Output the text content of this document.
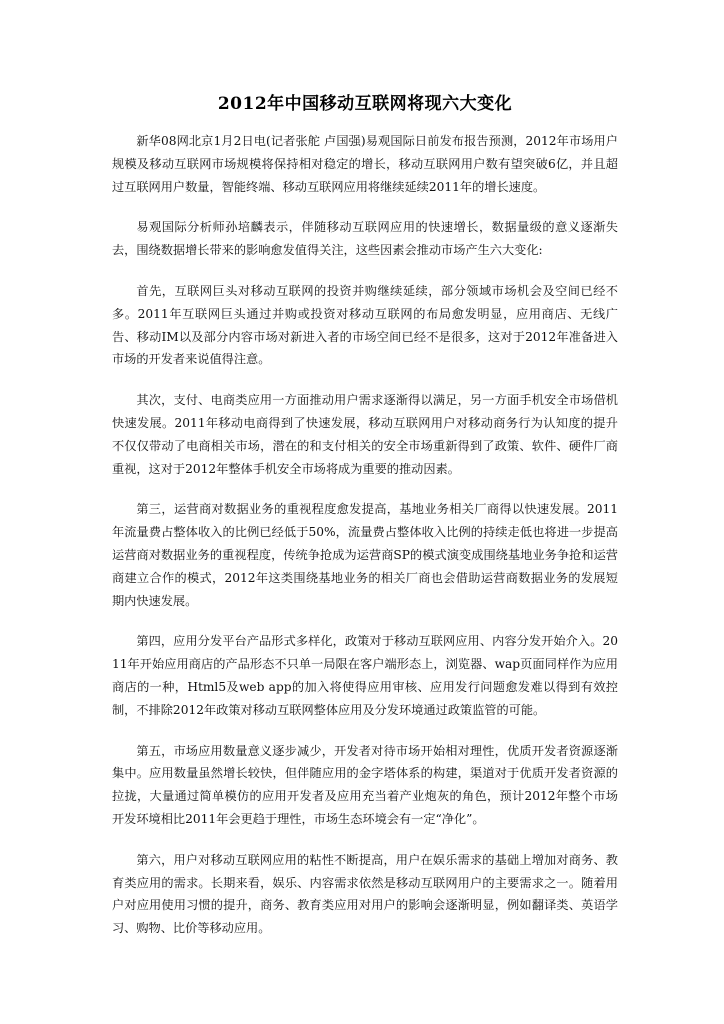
2012年中国移动互联网将现六大变化

新华08网北京1月2日电(记者张舵 卢国强)易观国际日前发布报告预测，2012年市场用户规模及移动互联网市场规模将保持相对稳定的增长，移动互联网用户数有望突破6亿，并且超过互联网用户数量，智能终端、移动互联网应用将继续延续2011年的增长速度。

易观国际分析师孙培麟表示，伴随移动互联网应用的快速增长，数据量级的意义逐渐失去，围绕数据增长带来的影响愈发值得关注，这些因素会推动市场产生六大变化:

首先，互联网巨头对移动互联网的投资并购继续延续，部分领域市场机会及空间已经不多。2011年互联网巨头通过并购或投资对移动互联网的布局愈发明显，应用商店、无线广告、移动IM以及部分内容市场对新进入者的市场空间已经不是很多，这对于2012年准备进入市场的开发者来说值得注意。

其次，支付、电商类应用一方面推动用户需求逐渐得以满足，另一方面手机安全市场借机快速发展。2011年移动电商得到了快速发展，移动互联网用户对移动商务行为认知度的提升不仅仅带动了电商相关市场，潜在的和支付相关的安全市场重新得到了政策、软件、硬件厂商重视，这对于2012年整体手机安全市场将成为重要的推动因素。

第三，运营商对数据业务的重视程度愈发提高，基地业务相关厂商得以快速发展。2011年流量费占整体收入的比例已经低于50%，流量费占整体收入比例的持续走低也将进一步提高运营商对数据业务的重视程度，传统争抢成为运营商SP的模式演变成围绕基地业务争抢和运营商建立合作的模式，2012年这类围绕基地业务的相关厂商也会借助运营商数据业务的发展短期内快速发展。

第四，应用分发平台产品形式多样化，政策对于移动互联网应用、内容分发开始介入。2011年开始应用商店的产品形态不只单一局限在客户端形态上，浏览器、wap页面同样作为应用商店的一种，Html5及web app的加入将使得应用审核、应用发行问题愈发难以得到有效控制，不排除2012年政策对移动互联网整体应用及分发环境通过政策监管的可能。

第五，市场应用数量意义逐步减少，开发者对待市场开始相对理性，优质开发者资源逐渐集中。应用数量虽然增长较快，但伴随应用的金字塔体系的构建，渠道对于优质开发者资源的拉拢，大量通过简单模仿的应用开发者及应用充当着产业炮灰的角色，预计2012年整个市场开发环境相比2011年会更趋于理性，市场生态环境会有一定“净化”。

第六，用户对移动互联网应用的粘性不断提高，用户在娱乐需求的基础上增加对商务、教育类应用的需求。长期来看，娱乐、内容需求依然是移动互联网用户的主要需求之一。随着用户对应用使用习惯的提升，商务、教育类应用对用户的影响会逐渐明显，例如翻译类、英语学习、购物、比价等移动应用。
